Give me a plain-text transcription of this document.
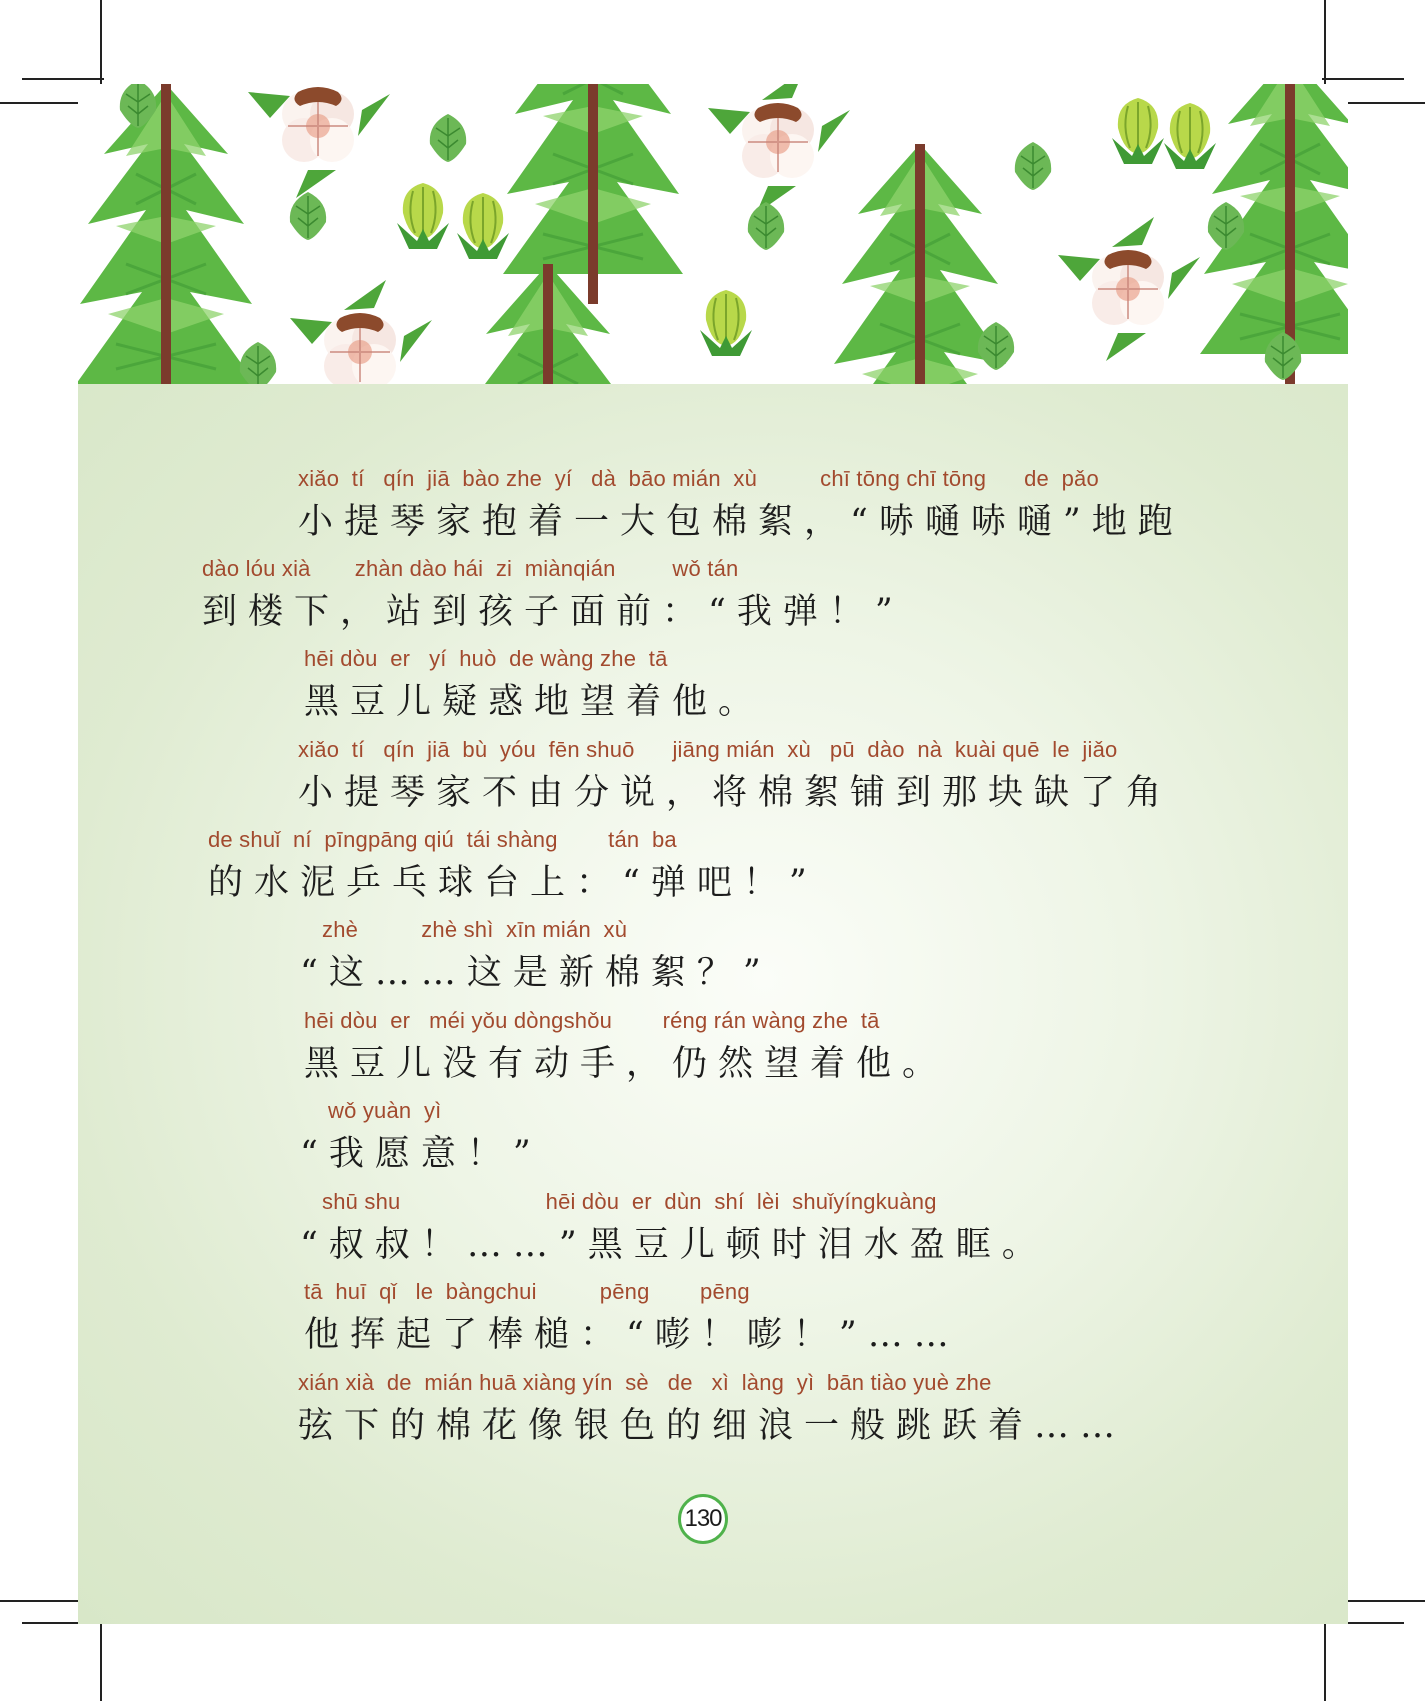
xiǎo  tí   qín  jiā  bào zhe  yí   dà  bāo mián  xù          chī tōng chī tōng      de  pǎo
小提琴家抱着一大包棉絮，“哧嗵哧嗵”地跑
dào lóu xià       zhàn dào hái  zi  miànqián         wǒ tán
到楼下，站到孩子面前：“我弹！”
hēi dòu  er   yí  huò  de wàng zhe  tā
黑豆儿疑惑地望着他。
xiǎo  tí   qín  jiā  bù  yóu  fēn shuō      jiāng mián  xù   pū  dào  nà  kuài quē  le  jiǎo
小提琴家不由分说，将棉絮铺到那块缺了角
de shuǐ  ní  pīngpāng qiú  tái shàng        tán  ba
的水泥乒乓球台上：“弹吧！”
zhè          zhè shì  xīn mián  xù
“这……这是新棉絮？”
hēi dòu  er   méi yǒu dòngshǒu        réng rán wàng zhe  tā
黑豆儿没有动手，仍然望着他。
wǒ yuàn  yì
“我愿意！”
shū shu                       hēi dòu  er  dùn  shí  lèi  shuǐyíngkuàng
“叔叔！……”黑豆儿顿时泪水盈眶。
tā  huī  qǐ   le  bàngchui          pēng        pēng
他挥起了棒槌：“嘭！嘭！”……
xián xià  de  mián huā xiàng yín  sè   de   xì  làng  yì  bān tiào yuè zhe
弦下的棉花像银色的细浪一般跳跃着……
130
